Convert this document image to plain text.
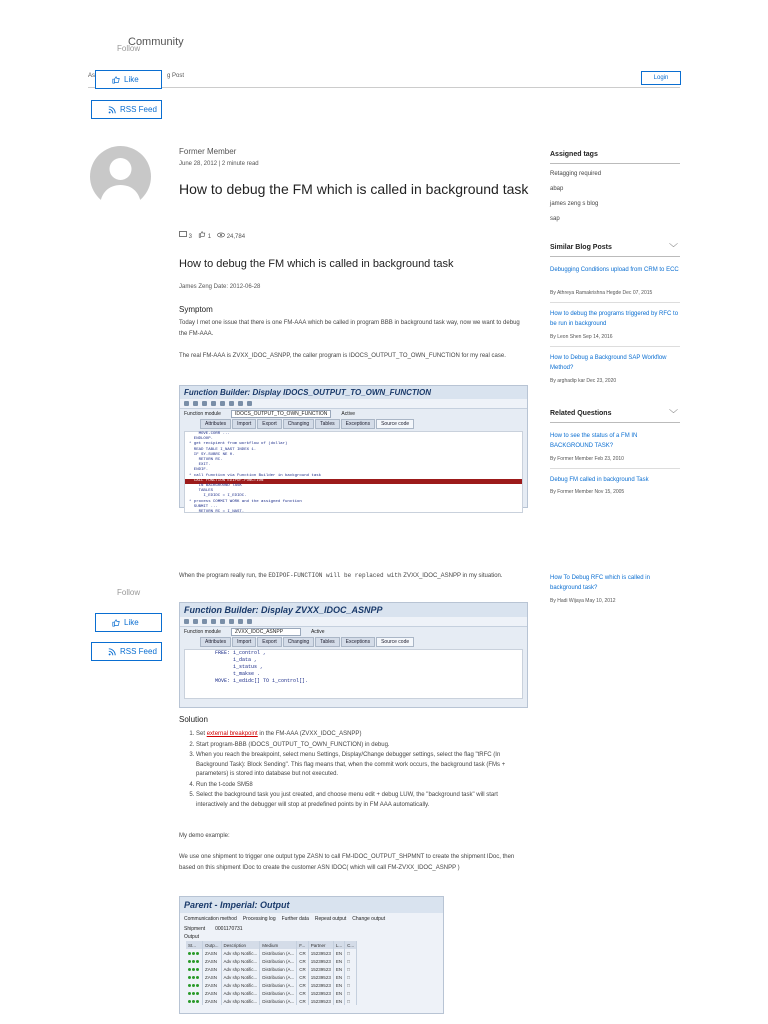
Community
Follow
As	g Post	Login
Like
RSS Feed
Former Member
June 28, 2012 | 2 minute read
How to debug the FM which is called in background task
3	1	24,784
How to debug the FM which is called in background task
James Zeng Date: 2012-06-28
Symptom

Today I met one issue that there is one FM-AAA which be called in program BBB in background task way, now we want to debug the FM-AAA.

The real FM-AAA is ZVXX_IDOC_ASNPP, the caller program is IDOCS_OUTPUT_TO_OWN_FUNCTION for my real case.

Function Builder: Display IDOCS_OUTPUT_TO_OWN_FUNCTION
Function module	IDOCS_OUTPUT_TO_OWN_FUNCTION	Active
Attributes	Import	Export	Changing	Tables	Exceptions	Source code
MOVE-CORR ...
ENDLOOP.
* get recipient from workflow of (dollar)
READ TABLE I_NAST INDEX 1.
IF SY-SUBRC NE 0.
RETURN RC.
EXIT.
ENDIF.
* call function via Function Builder in background task
CALL FUNCTION EDIPOF-FUNCTION
IN BACKGROUND TASK
TABLES
I_EDIDC = I_EDIDC.
* process COMMIT WORK and the assigned function
SUBMIT ...
RETURN RC = I_NAST.

When the program really run, the EDIPOF-FUNCTION will be replaced with ZVXX_IDOC_ASNPP in my situation.

Follow
Like
RSS Feed
Function Builder: Display ZVXX_IDOC_ASNPP
Function module	ZVXX_IDOC_ASNPP	Active
Attributes	Import	Export	Changing	Tables	Exceptions	Source code
FREE: i_control ,
i_data ,
i_status ,
t_makse .
MOVE: i_edidc[] TO i_control[].
Solution
1. Set external breakpoint in the FM-AAA (ZVXX_IDOC_ASNPP)
2. Start program-BBB (IDOCS_OUTPUT_TO_OWN_FUNCTION) in debug.
3. When you reach the breakpoint, select menu Settings, Display/Change debugger settings, select the flag "tRFC (In Background Task): Block Sending". This flag means that, when the commit work occurs, the background task (FMs + parameters) is stored into database but not executed.
4. Run the t-code SM58
5. Select the background task you just created, and choose menu edit + debug LUW, the "background task" will start interactively and the debugger will stop at predefined points by in FM AAA automatically.

My demo example:

We use one shipment to trigger one output type ZASN to call FM-IDOC_OUTPUT_SHPMNT to create the shipment IDoc, then based on this shipment IDoc to create the customer ASN IDOC( which will call FM-ZVXX_IDOC_ASNPP )

Parent - Imperial: Output
Communication method Processing log Further data Repeat output Change output
Shipment 0001170731
Output
St...	Outp...	Description	Medium	F...	Partner	L...	C...
	ZASN	Adv shp Notific...	Distribution (A...	CR	15239523	EN	□
	ZASN	Adv shp Notific...	Distribution (A...	CR	15239523	EN	□
	ZASN	Adv shp Notific...	Distribution (A...	CR	15239523	EN	□
	ZASN	Adv shp Notific...	Distribution (A...	CR	15239523	EN	□
	ZASN	Adv shp Notific...	Distribution (A...	CR	15239523	EN	□
	ZASN	Adv shp Notific...	Distribution (A...	CR	15239523	EN	□
	ZASN	Adv shp Notific...	Distribution (A...	CR	15239523	EN	□
Assigned tags
Retagging required
abap
james zeng s blog
sap
Similar Blog Posts	﹀
Debugging Conditions upload from CRM to ECC
By Athreya Ramakrishna Hegde Dec 07, 2015
How to debug the programs triggered by RFC to be run in background
By Leon Shen Sep 14, 2016
How to Debug a Background SAP Workflow Method?
By arghadip kar Dec 23, 2020
Related Questions	﹀
How to see the status of a FM IN BACKGROUND TASK?
By Former Member Feb 23, 2010
Debug FM called in background Task
By Former Member Nov 15, 2005
How To Debug RFC which is called in background task?
By Hadi Wijaya May 10, 2012
